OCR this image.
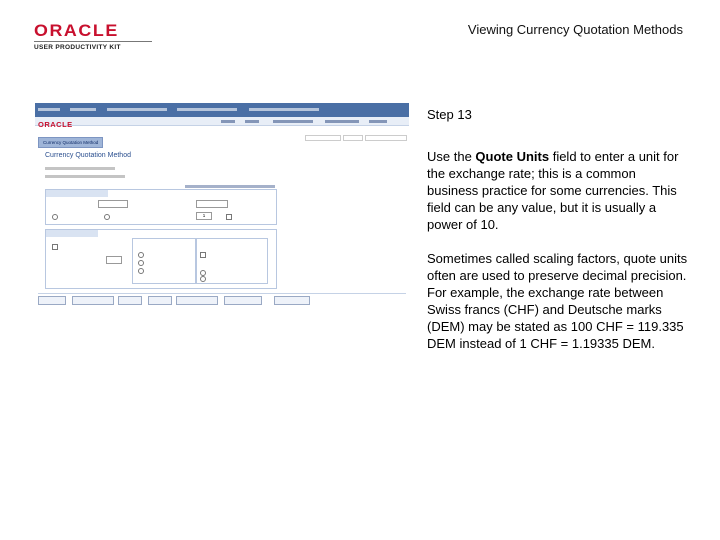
ORACLE
USER PRODUCTIVITY KIT
Viewing Currency Quotation Methods
ORACLE
Currency Quotation Method
Currency Quotation Method
1
Step 13
Use the Quote Units field to enter a unit for the exchange rate; this is a common business practice for some currencies. This field can be any value, but it is usually a power of 10.
Sometimes called scaling factors, quote units often are used to preserve decimal precision. For example, the exchange rate between Swiss francs (CHF) and Deutsche marks (DEM) may be stated as 100 CHF = 119.335 DEM instead of 1 CHF = 1.19335 DEM.
